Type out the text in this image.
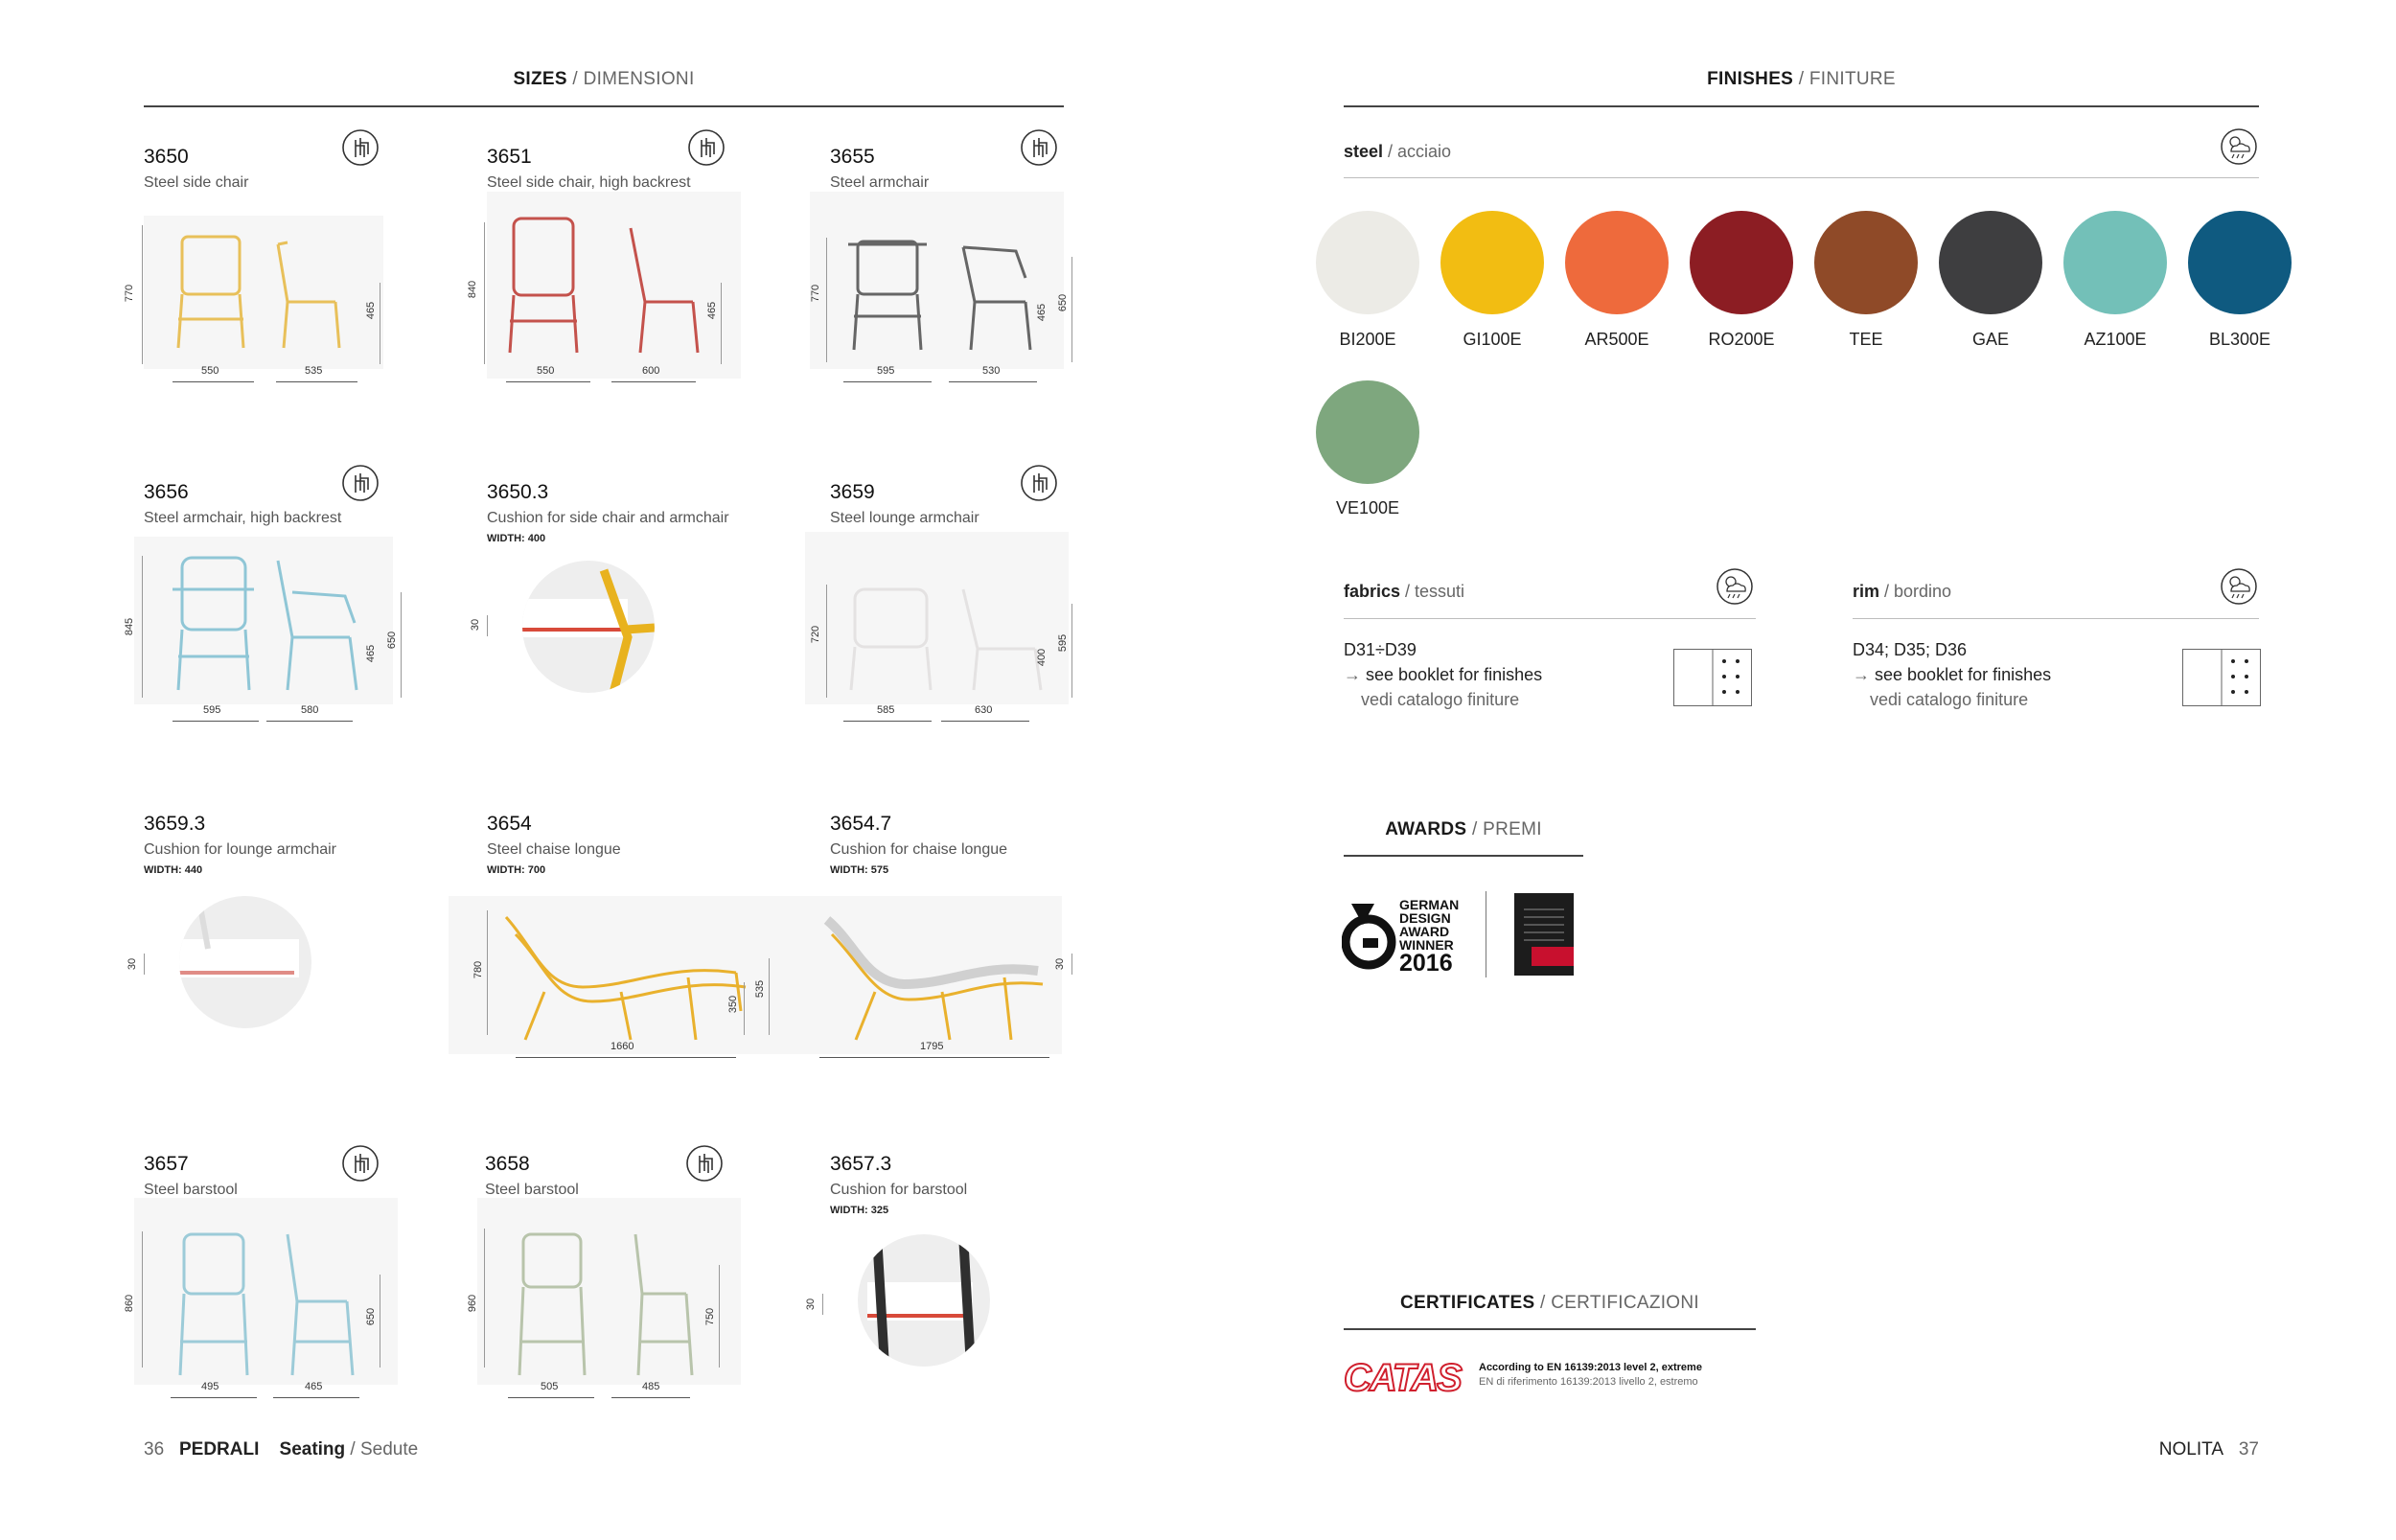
SIZES / DIMENSIONI
3650
Steel side chair
770
465
550	535
3651
Steel side chair, high backrest
840
465
550	600
3655
Steel armchair
770
465
650
595	530
3656
Steel armchair, high backrest
845
465
650
595	580
3650.3
Cushion for side chair and armchair
WIDTH: 400
30
3659
Steel lounge armchair
720
400
595
585	630
3659.3
Cushion for lounge armchair
WIDTH: 440
30
3654
Steel chaise longue
WIDTH: 700
780
350
535
1660
3654.7
Cushion for chaise longue
WIDTH: 575
30
1795
3657
Steel barstool
860
650
495	465
3658
Steel barstool
960
750
505	485
3657.3
Cushion for barstool
WIDTH: 325
30
36 PEDRALI Seating / Sedute
FINISHES / FINITURE
steel / acciaio
BI200E	GI100E	AR500E	RO200E	TEE	GAE	AZ100E	BL300E
VE100E
fabrics / tessuti
D31÷D39
→ see booklet for finishes
vedi catalogo finiture
rim / bordino
D34; D35; D36
→ see booklet for finishes
vedi catalogo finiture
AWARDS / PREMI
GERMAN
DESIGN
AWARD
WINNER
2016
CERTIFICATES / CERTIFICAZIONI
CATAS According to EN 16139:2013 level 2, extreme
EN di riferimento 16139:2013 livello 2, estremo
NOLITA 37
